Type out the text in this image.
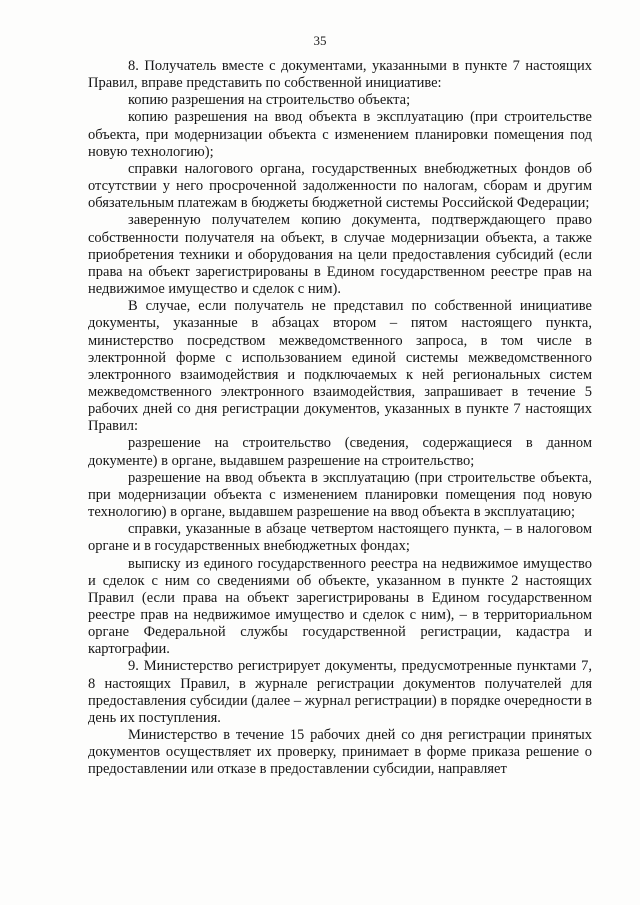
35

8. Получатель вместе с документами, указанными в пункте 7 настоящих Правил, вправе представить по собственной инициативе:

копию разрешения на строительство объекта;

копию разрешения на ввод объекта в эксплуатацию (при строительстве объекта, при модернизации объекта с изменением планировки помещения под новую технологию);

справки налогового органа, государственных внебюджетных фондов об отсутствии у него просроченной задолженности по налогам, сборам и другим обязательным платежам в бюджеты бюджетной системы Российской Федерации;

заверенную получателем копию документа, подтверждающего право собственности получателя на объект, в случае модернизации объекта, а также приобретения техники и оборудования на цели предоставления субсидий (если права на объект зарегистрированы в Едином государственном реестре прав на недвижимое имущество и сделок с ним).

В случае, если получатель не представил по собственной инициативе документы, указанные в абзацах втором – пятом настоящего пункта, министерство посредством межведомственного запроса, в том числе в электронной форме с использованием единой системы межведомственного электронного взаимодействия и подключаемых к ней региональных систем межведомственного электронного взаимодействия, запрашивает в течение 5 рабочих дней со дня регистрации документов, указанных в пункте 7 настоящих Правил:

разрешение на строительство (сведения, содержащиеся в данном документе) в органе, выдавшем разрешение на строительство;

разрешение на ввод объекта в эксплуатацию (при строительстве объекта, при модернизации объекта с изменением планировки помещения под новую технологию) в органе, выдавшем разрешение на ввод объекта в эксплуатацию;

справки, указанные в абзаце четвертом настоящего пункта, – в налоговом органе и в государственных внебюджетных фондах;

выписку из единого государственного реестра на недвижимое имущество и сделок с ним со сведениями об объекте, указанном в пункте 2 настоящих Правил (если права на объект зарегистрированы в Едином государственном реестре прав на недвижимое имущество и сделок с ним), – в территориальном органе Федеральной службы государственной регистрации, кадастра и картографии.

9. Министерство регистрирует документы, предусмотренные пунктами 7, 8 настоящих Правил, в журнале регистрации документов получателей для предоставления субсидии (далее – журнал регистрации) в порядке очередности в день их поступления.

Министерство в течение 15 рабочих дней со дня регистрации принятых документов осуществляет их проверку, принимает в форме приказа решение о предоставлении или отказе в предоставлении субсидии, направляет
